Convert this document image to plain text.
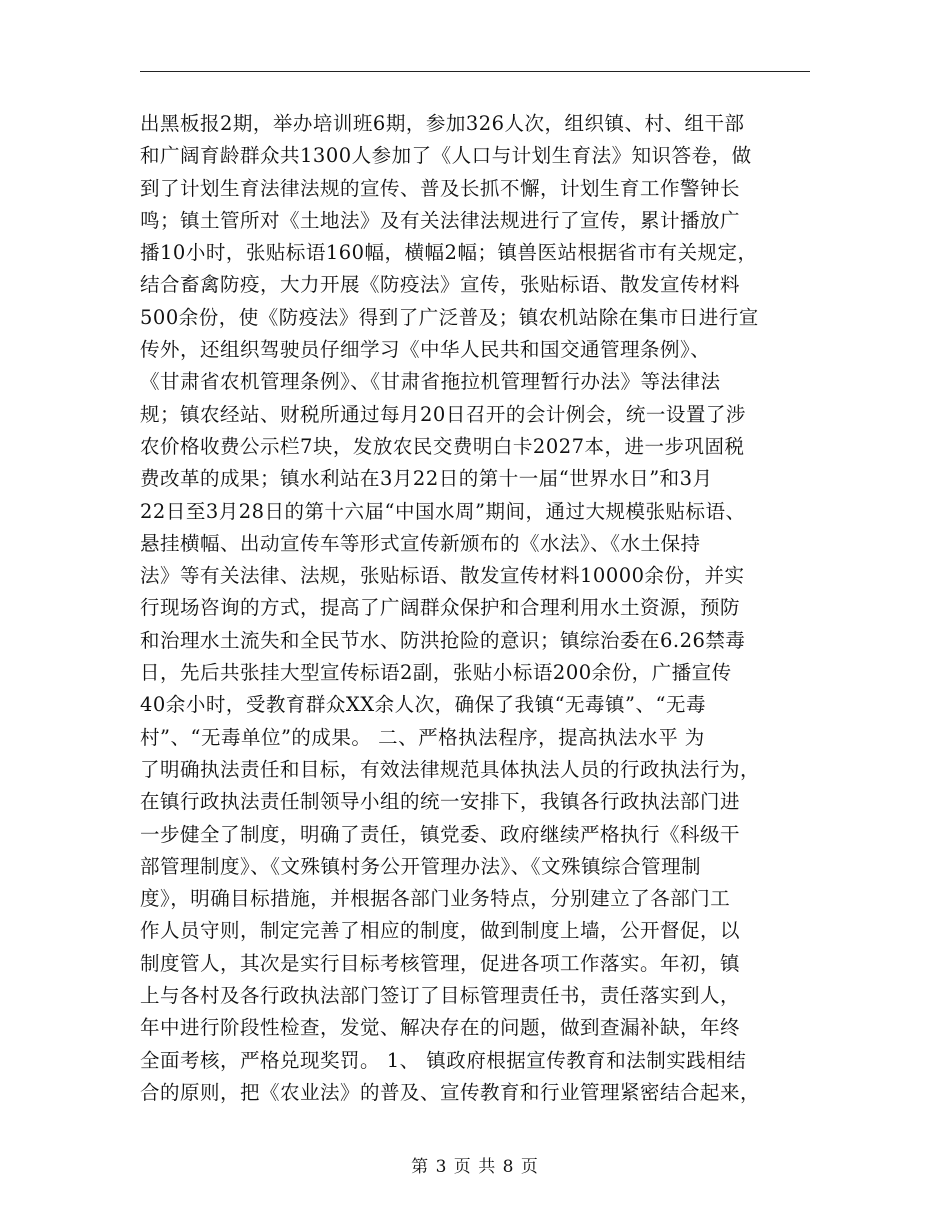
出黑板报2期，举办培训班6期，参加326人次，组织镇、村、组干部
和广阔育龄群众共1300人参加了《人口与计划生育法》知识答卷，做
到了计划生育法律法规的宣传、普及长抓不懈，计划生育工作警钟长
鸣；镇土管所对《土地法》及有关法律法规进行了宣传，累计播放广
播10小时，张贴标语160幅，横幅2幅；镇兽医站根据省市有关规定，
结合畜禽防疫，大力开展《防疫法》宣传，张贴标语、散发宣传材料
500余份，使《防疫法》得到了广泛普及；镇农机站除在集市日进行宣
传外，还组织驾驶员仔细学习《中华人民共和国交通管理条例》、
《甘肃省农机管理条例》、《甘肃省拖拉机管理暂行办法》等法律法
规；镇农经站、财税所通过每月20日召开的会计例会，统一设置了涉
农价格收费公示栏7块，发放农民交费明白卡2027本，进一步巩固税
费改革的成果；镇水利站在3月22日的第十一届“世界水日”和3月
22日至3月28日的第十六届“中国水周”期间，通过大规模张贴标语、
悬挂横幅、出动宣传车等形式宣传新颁布的《水法》、《水土保持
法》等有关法律、法规，张贴标语、散发宣传材料10000余份，并实
行现场咨询的方式，提高了广阔群众保护和合理利用水土资源，预防
和治理水土流失和全民节水、防洪抢险的意识；镇综治委在6.26禁毒
日，先后共张挂大型宣传标语2副，张贴小标语200余份，广播宣传
40余小时，受教育群众XX余人次，确保了我镇“无毒镇”、“无毒
村”、“无毒单位”的成果。 二、严格执法程序，提高执法水平 为
了明确执法责任和目标，有效法律规范具体执法人员的行政执法行为，
在镇行政执法责任制领导小组的统一安排下，我镇各行政执法部门进
一步健全了制度，明确了责任，镇党委、政府继续严格执行《科级干
部管理制度》、《文殊镇村务公开管理办法》、《文殊镇综合管理制
度》，明确目标措施，并根据各部门业务特点，分别建立了各部门工
作人员守则，制定完善了相应的制度，做到制度上墙，公开督促，以
制度管人，其次是实行目标考核管理，促进各项工作落实。年初，镇
上与各村及各行政执法部门签订了目标管理责任书，责任落实到人，
年中进行阶段性检查，发觉、解决存在的问题，做到查漏补缺，年终
全面考核，严格兑现奖罚。 1、 镇政府根据宣传教育和法制实践相结
合的原则，把《农业法》的普及、宣传教育和行业管理紧密结合起来，
第 3 页 共 8 页
